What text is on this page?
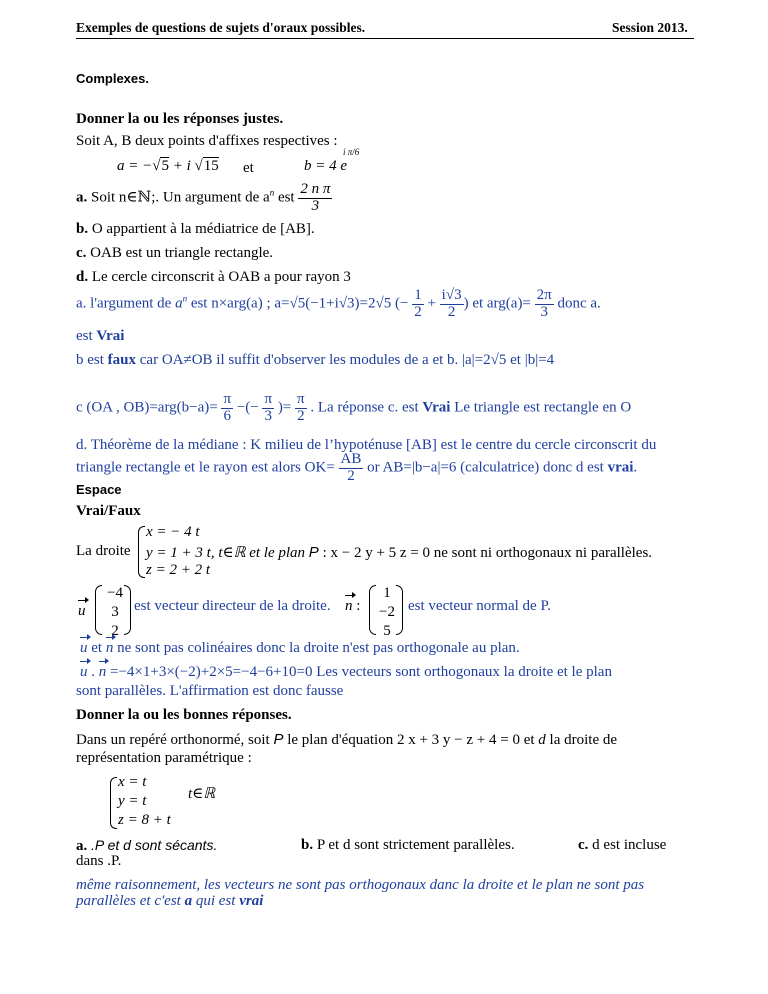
Exemples de questions de sujets d'oraux possibles.	Session 2013.
Complexes.
Donner la ou les réponses justes.
Soit A, B deux points d'affixes respectives :
a = −√5 + i √15 et	b = 4 e
i π/6
a. Soit n∈ℕ;. Un argument de $a^n$ est $\frac{\text{2 n π}}{3}$
b. O appartient à la médiatrice de [AB].
c. OAB est un triangle rectangle.
d. Le cercle circonscrit à OAB a pour rayon 3
a. l'argument de $a^n$ est n×arg(a) ; a=√5(−1+i√3)=2√5 (− $\frac{1}{2} + \frac{i√3}{2}$ ) et $arg(a)= \frac{2\pi}{3}$ donc a.
est Vrai
b est faux car OA≠OB il suffit d'observer les modules de a et b. |a|=2√5 et |b|=4
c (OA , $OB)=arg(b-a)= \frac{\pi}{6}$ −(− $\frac{\pi}{3}$ )= $\frac{\pi}{2}$ . La réponse c. est Vrai Le triangle est rectangle en O
d. Théorème de la médiane : K milieu de l’hypoténuse [AB] est le centre du cercle circonscrit du
triangle rectangle et le rayon est alors $OK= \frac{AB}{2}$ or AB=|b−a|=6 (calculatrice) donc d est vrai.
Espace
Vrai/Faux
La droite
x = − 4 t
y = 1 + 3 t, t∈ℝ et le plan P : x − 2 y + 5 z = 0 ne sont ni orthogonaux ni parallèles.
z = 2 + 2 t
u
−4
3
2
est vecteur directeur de la droite. n :
1
−2
5
est vecteur normal de P.
u et n ne sont pas colinéaires donc la droite n'est pas orthogonale au plan.
u . n =−4×1+3×(−2)+2×5=−4−6+10=0 Les vecteurs sont orthogonaux la droite et le plan
sont parallèles. L'affirmation est donc fausse
Donner la ou les bonnes réponses.
Dans un repéré orthonormé, soit P le plan d'équation 2 x + 3 y − z + 4 = 0 et d la droite de
représentation paramétrique :
x = t
t∈ℝ
y = t
z = 8 + t
a. .P et d sont sécants.
dans .P.
b. P et d sont strictement parallèles.	c. d est incluse
même raisonnement, les vecteurs ne sont pas orthogonaux danc la droite et le plan ne sont pas
parallèles et c'est a qui est vrai
